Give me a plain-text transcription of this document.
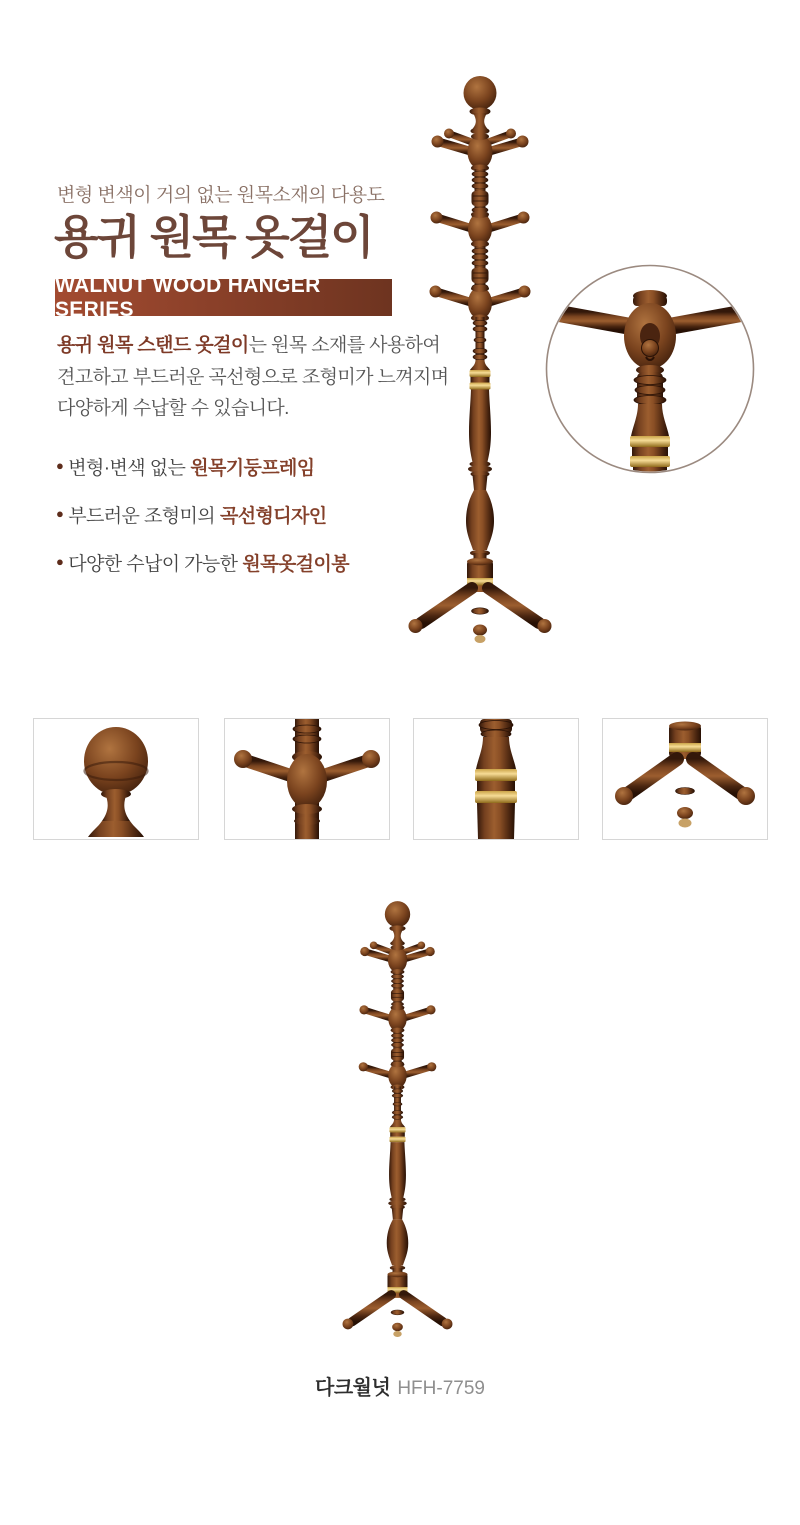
변형 변색이 거의 없는 원목소재의 다용도
용귀 원목 옷걸이
WALNUT WOOD HANGER SERIES

용귀 원목 스탠드 옷걸이는 원목 소재를 사용하여
견고하고 부드러운 곡선형으로 조형미가 느껴지며
다양하게 수납할 수 있습니다.

● 변형·변색 없는 원목기둥프레임
● 부드러운 조형미의 곡선형디자인
● 다양한 수납이 가능한 원목옷걸이봉
다크월넛 HFH-7759
